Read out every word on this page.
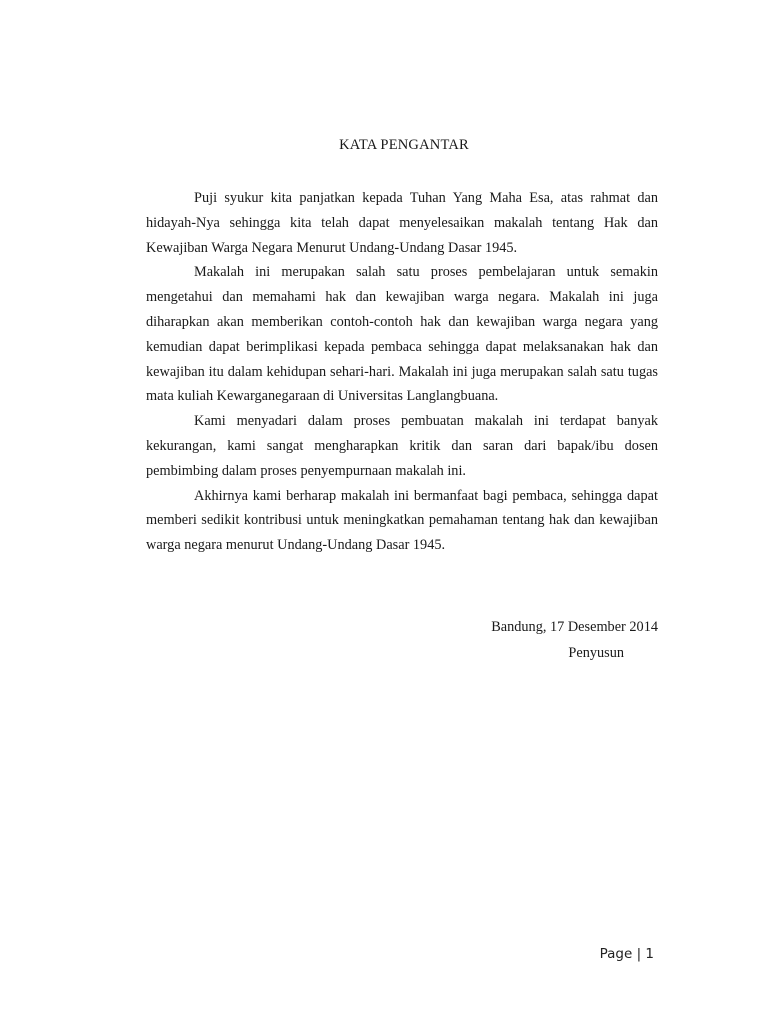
KATA PENGANTAR

Puji syukur kita panjatkan kepada Tuhan Yang Maha Esa, atas rahmat dan hidayah-Nya sehingga kita telah dapat menyelesaikan makalah tentang Hak dan Kewajiban Warga Negara Menurut Undang-Undang Dasar 1945.

Makalah ini merupakan salah satu proses pembelajaran untuk semakin mengetahui dan memahami hak dan kewajiban warga negara. Makalah ini juga diharapkan akan memberikan contoh-contoh hak dan kewajiban warga negara yang kemudian dapat berimplikasi kepada pembaca sehingga dapat melaksanakan hak dan kewajiban itu dalam kehidupan sehari-hari. Makalah ini juga merupakan salah satu tugas mata kuliah Kewarganegaraan di Universitas Langlangbuana.

Kami menyadari dalam proses pembuatan makalah ini terdapat banyak kekurangan, kami sangat mengharapkan kritik dan saran dari bapak/ibu dosen pembimbing dalam proses penyempurnaan makalah ini.

Akhirnya kami berharap makalah ini bermanfaat bagi pembaca, sehingga dapat memberi sedikit kontribusi untuk meningkatkan pemahaman tentang hak dan kewajiban warga negara menurut Undang-Undang Dasar 1945.

Bandung, 17 Desember 2014
Penyusun
Page | 1
